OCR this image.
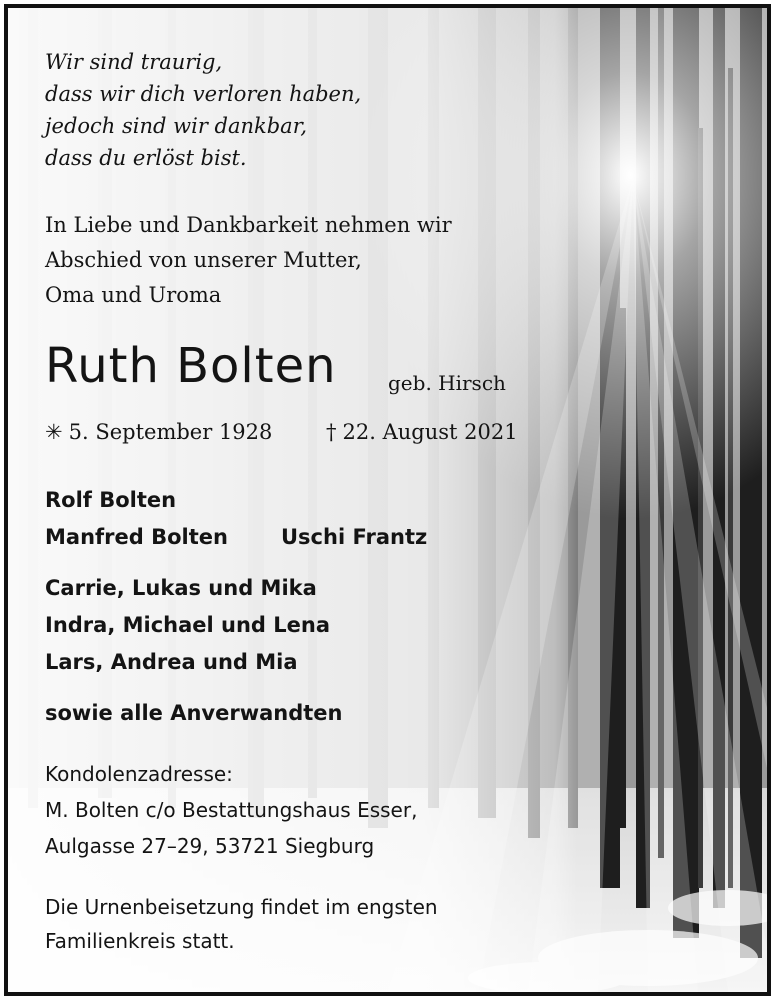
Wir sind traurig,
dass wir dich verloren haben,
jedoch sind wir dankbar,
dass du erlöst bist.
In Liebe und Dankbarkeit nehmen wir
Abschied von unserer Mutter,
Oma und Uroma
Ruth Bolten	geb. Hirsch
✳ 5. September 1928	† 22. August 2021
Rolf Bolten
Manfred Bolten	Uschi Frantz
Carrie, Lukas und Mika
Indra, Michael und Lena
Lars, Andrea und Mia
sowie alle Anverwandten
Kondolenzadresse:
M. Bolten c/o Bestattungshaus Esser,
Aulgasse 27–29, 53721 Siegburg
Die Urnenbeisetzung findet im engsten
Familienkreis statt.
